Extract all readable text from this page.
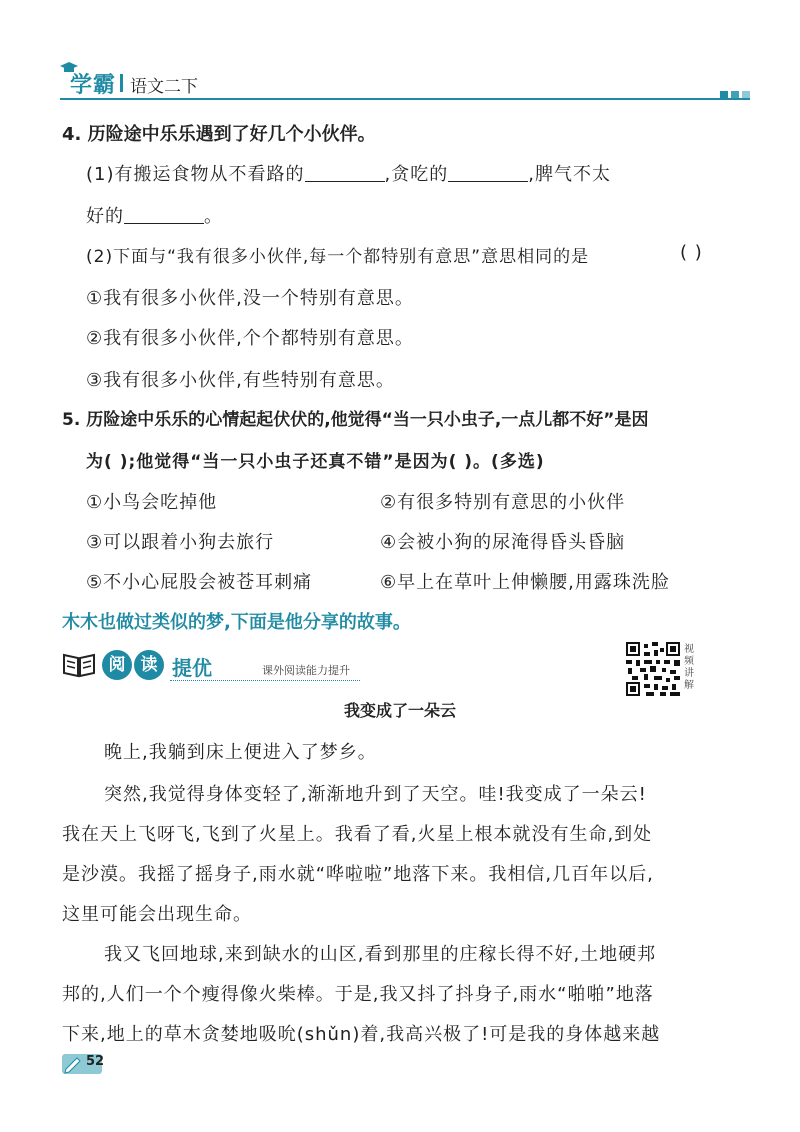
学霸 语文二下
4. 历险途中乐乐遇到了好几个小伙伴。
(1)有搬运食物从不看路的	,贪吃的	,脾气不太
好的	。
(2)下面与“我有很多小伙伴,每一个都特别有意思”意思相同的是	( )
①我有很多小伙伴,没一个特别有意思。
②我有很多小伙伴,个个都特别有意思。
③我有很多小伙伴,有些特别有意思。
5. 历险途中乐乐的心情起起伏伏的,他觉得“当一只小虫子,一点儿都不好”是因
为( );他觉得“当一只小虫子还真不错”是因为( )。(多选)
①小鸟会吃掉他	②有很多特别有意思的小伙伴
③可以跟着小狗去旅行	④会被小狗的尿淹得昏头昏脑
⑤不小心屁股会被苍耳刺痛	⑥早上在草叶上伸懒腰,用露珠洗脸
木木也做过类似的梦,下面是他分享的故事。
阅 读 提优	课外阅读能力提升
视频讲解
我变成了一朵云
晚上,我躺到床上便进入了梦乡。
突然,我觉得身体变轻了,渐渐地升到了天空。哇!我变成了一朵云!
我在天上飞呀飞,飞到了火星上。我看了看,火星上根本就没有生命,到处
是沙漠。我摇了摇身子,雨水就“哗啦啦”地落下来。我相信,几百年以后,
这里可能会出现生命。
我又飞回地球,来到缺水的山区,看到那里的庄稼长得不好,土地硬邦
邦的,人们一个个瘦得像火柴棒。于是,我又抖了抖身子,雨水“啪啪”地落
下来,地上的草木贪婪地吸吮(shǔn)着,我高兴极了!可是我的身体越来越
52
